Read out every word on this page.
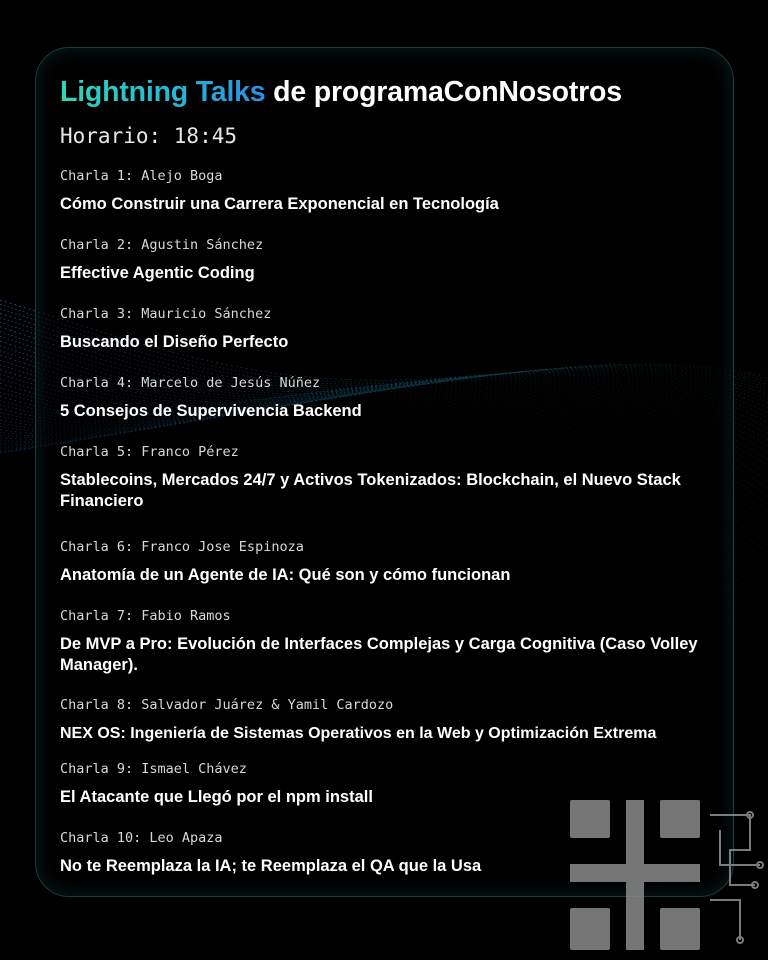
Lightning Talks de programaConNosotros
Horario: 18:45
Charla 1: Alejo Boga
Cómo Construir una Carrera Exponencial en Tecnología
Charla 2: Agustin Sánchez
Effective Agentic Coding
Charla 3: Mauricio Sánchez
Buscando el Diseño Perfecto
Charla 4: Marcelo de Jesús Núñez
5 Consejos de Supervivencia Backend
Charla 5: Franco Pérez
Stablecoins, Mercados 24/7 y Activos Tokenizados: Blockchain, el Nuevo Stack Financiero
Charla 6: Franco Jose Espinoza
Anatomía de un Agente de IA: Qué son y cómo funcionan
Charla 7: Fabio Ramos
De MVP a Pro: Evolución de Interfaces Complejas y Carga Cognitiva (Caso Volley Manager).
Charla 8: Salvador Juárez & Yamil Cardozo
NEX OS: Ingeniería de Sistemas Operativos en la Web y Optimización Extrema
Charla 9: Ismael Chávez
El Atacante que Llegó por el npm install
Charla 10: Leo Apaza
No te Reemplaza la IA; te Reemplaza el QA que la Usa
